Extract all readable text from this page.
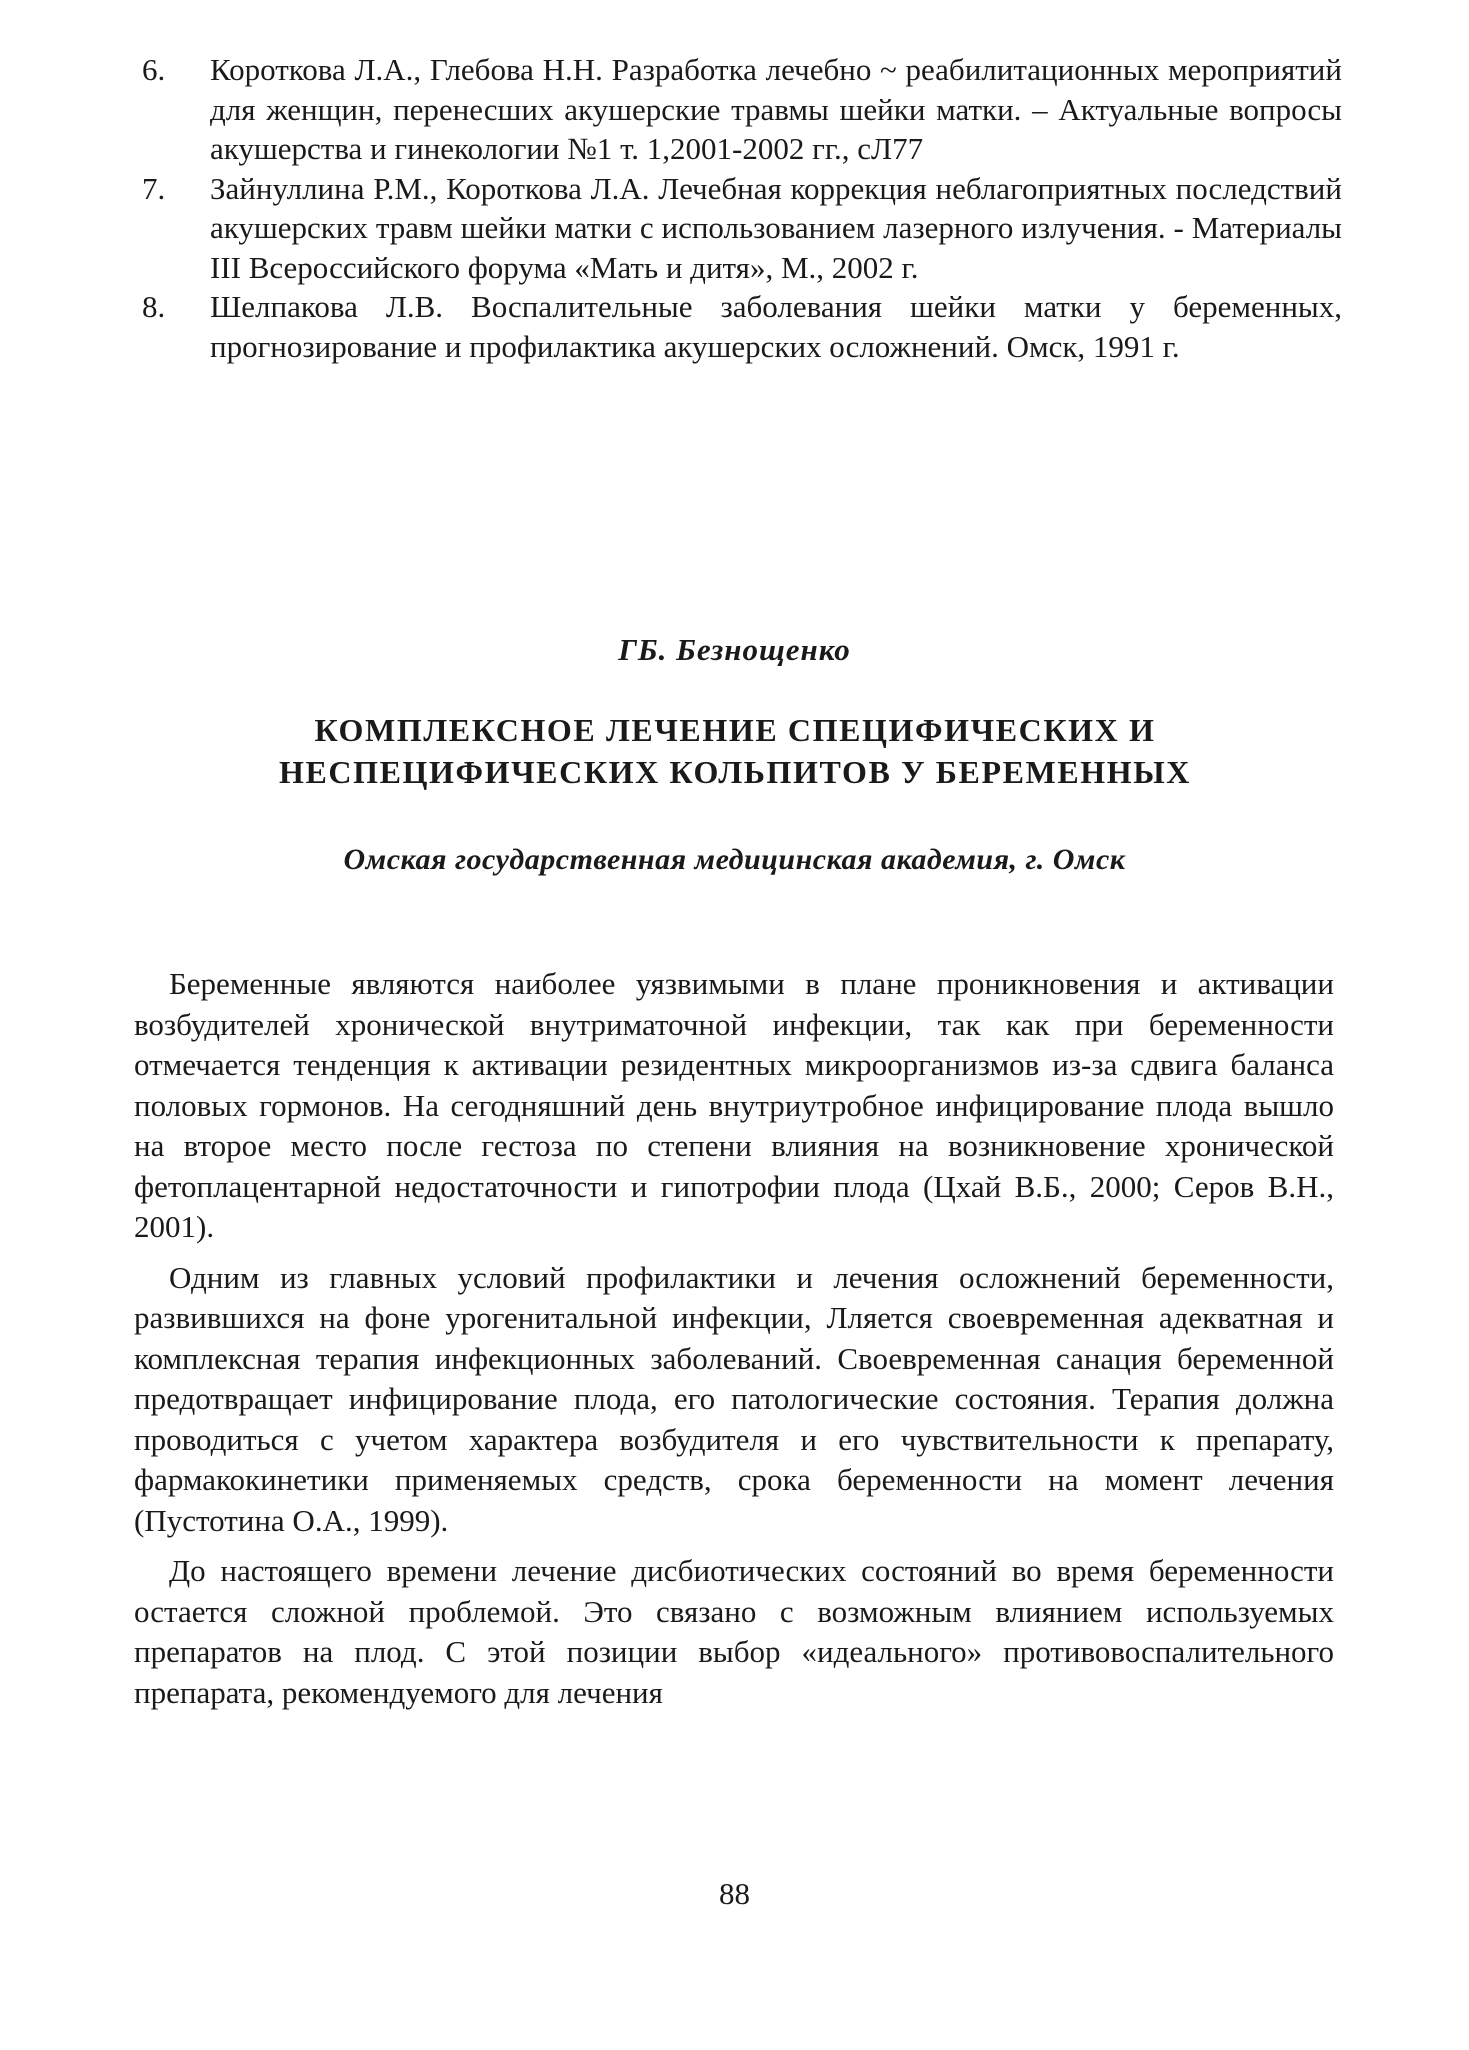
6. Короткова Л.А., Глебова Н.Н. Разработка лечебно ~ реабилитационных мероприятий для женщин, перенесших акушерские травмы шейки матки. – Актуальные вопросы акушерства и гинекологии №1 т. 1,2001-2002 гг., сЛ77
7. Зайнуллина Р.М., Короткова Л.А. Лечебная коррекция неблагоприятных последствий акушерских травм шейки матки с использованием лазерного излучения. - Материалы III Всероссийского форума «Мать и дитя», М., 2002 г.
8. Шелпакова Л.В. Воспалительные заболевания шейки матки у беременных, прогнозирование и профилактика акушерских осложнений. Омск, 1991 г.
ГБ. Безнощенко
КОМПЛЕКСНОЕ ЛЕЧЕНИЕ СПЕЦИФИЧЕСКИХ И НЕСПЕЦИФИЧЕСКИХ КОЛЬПИТОВ У БЕРЕМЕННЫХ
Омская государственная медицинская академия, г. Омск

Беременные являются наиболее уязвимыми в плане проникновения и активации возбудителей хронической внутриматочной инфекции, так как при беременности отмечается тенденция к активации резидентных микроорганизмов из-за сдвига баланса половых гормонов. На сегодняшний день внутриутробное инфицирование плода вышло на второе место после гестоза по степени влияния на возникновение хронической фетоплацентарной недостаточности и гипотрофии плода (Цхай В.Б., 2000; Серов В.Н., 2001).

Одним из главных условий профилактики и лечения осложнений беременности, развившихся на фоне урогенитальной инфекции, Лляется своевременная адекватная и комплексная терапия инфекционных заболеваний. Своевременная санация беременной предотвращает инфицирование плода, его патологические состояния. Терапия должна проводиться с учетом характера возбудителя и его чувствительности к препарату, фармакокинетики применяемых средств, срока беременности на момент лечения (Пустотина О.А., 1999).

До настоящего времени лечение дисбиотических состояний во время беременности остается сложной проблемой. Это связано с возможным влиянием используемых препаратов на плод. С этой позиции выбор «идеального» противовоспалительного препарата, рекомендуемого для лечения

88
